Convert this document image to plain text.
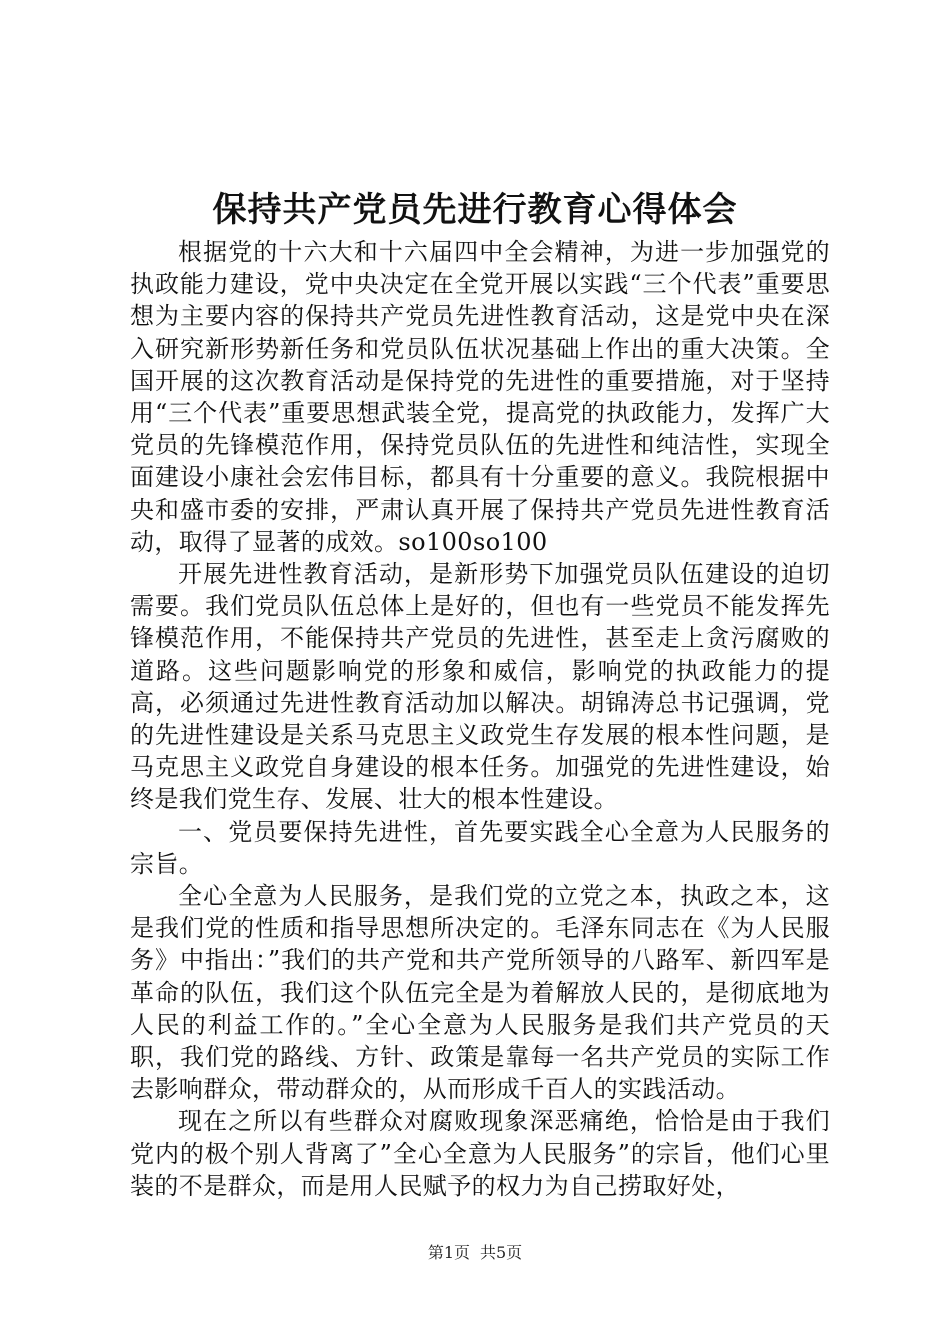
保持共产党员先进行教育心得体会

根据党的十六大和十六届四中全会精神，为进一步加强党的执政能力建设，党中央决定在全党开展以实践“三个代表”重要思想为主要内容的保持共产党员先进性教育活动，这是党中央在深入研究新形势新任务和党员队伍状况基础上作出的重大决策。全国开展的这次教育活动是保持党的先进性的重要措施，对于坚持用“三个代表”重要思想武装全党，提高党的执政能力，发挥广大党员的先锋模范作用，保持党员队伍的先进性和纯洁性，实现全面建设小康社会宏伟目标，都具有十分重要的意义。我院根据中央和盛市委的安排，严肃认真开展了保持共产党员先进性教育活动，取得了显著的成效。so100so100

开展先进性教育活动，是新形势下加强党员队伍建设的迫切需要。我们党员队伍总体上是好的，但也有一些党员不能发挥先锋模范作用，不能保持共产党员的先进性，甚至走上贪污腐败的道路。这些问题影响党的形象和威信，影响党的执政能力的提高，必须通过先进性教育活动加以解决。胡锦涛总书记强调，党的先进性建设是关系马克思主义政党生存发展的根本性问题，是马克思主义政党自身建设的根本任务。加强党的先进性建设，始终是我们党生存、发展、壮大的根本性建设。

一、党员要保持先进性，首先要实践全心全意为人民服务的宗旨。

全心全意为人民服务，是我们党的立党之本，执政之本，这是我们党的性质和指导思想所决定的。毛泽东同志在《为人民服务》中指出：”我们的共产党和共产党所领导的八路军、新四军是革命的队伍，我们这个队伍完全是为着解放人民的，是彻底地为人民的利益工作的。”全心全意为人民服务是我们共产党员的天职，我们党的路线、方针、政策是靠每一名共产党员的实际工作去影响群众，带动群众的，从而形成千百人的实践活动。

现在之所以有些群众对腐败现象深恶痛绝，恰恰是由于我们党内的极个别人背离了”全心全意为人民服务”的宗旨，他们心里装的不是群众，而是用人民赋予的权力为自己捞取好处，

第1页 共5页
